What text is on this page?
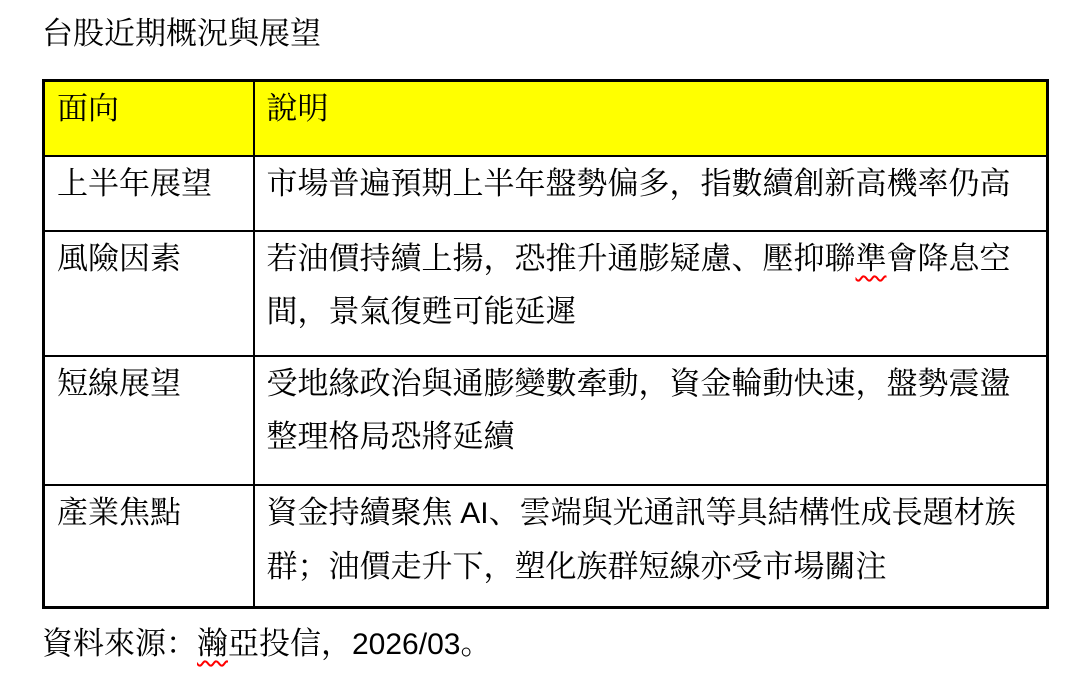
台股近期概況與展望
面向	說明
上半年展望	市場普遍預期上半年盤勢偏多，指數續創新高機率仍高
風險因素	若油價持續上揚，恐推升通膨疑慮、壓抑聯準會降息空間，景氣復甦可能延遲
短線展望	受地緣政治與通膨變數牽動，資金輪動快速，盤勢震盪整理格局恐將延續
產業焦點	資金持續聚焦 AI、雲端與光通訊等具結構性成長題材族群；油價走升下，塑化族群短線亦受市場關注

資料來源：瀚亞投信，2026/03。
